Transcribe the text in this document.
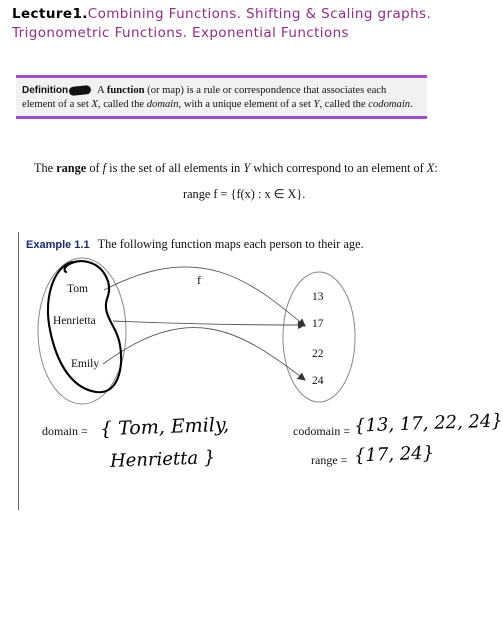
Lecture1.Combining Functions. Shifting & Scaling graphs.
Trigonometric Functions. Exponential Functions
Definition	A function (or map) is a rule or correspondence that associates each element of a set X, called the domain, with a unique element of a set Y, called the codomain.
The range of f is the set of all elements in Y which correspond to an element of X:
range f = {f(x) : x ∈ X}.
Example 1.1 The following function maps each person to their age.
f
Tom
Henrietta
Emily
13
17
22
24
domain = { Tom, Emily,
Henrietta }
codomain = {13, 17, 22, 24}
range = {17, 24}
